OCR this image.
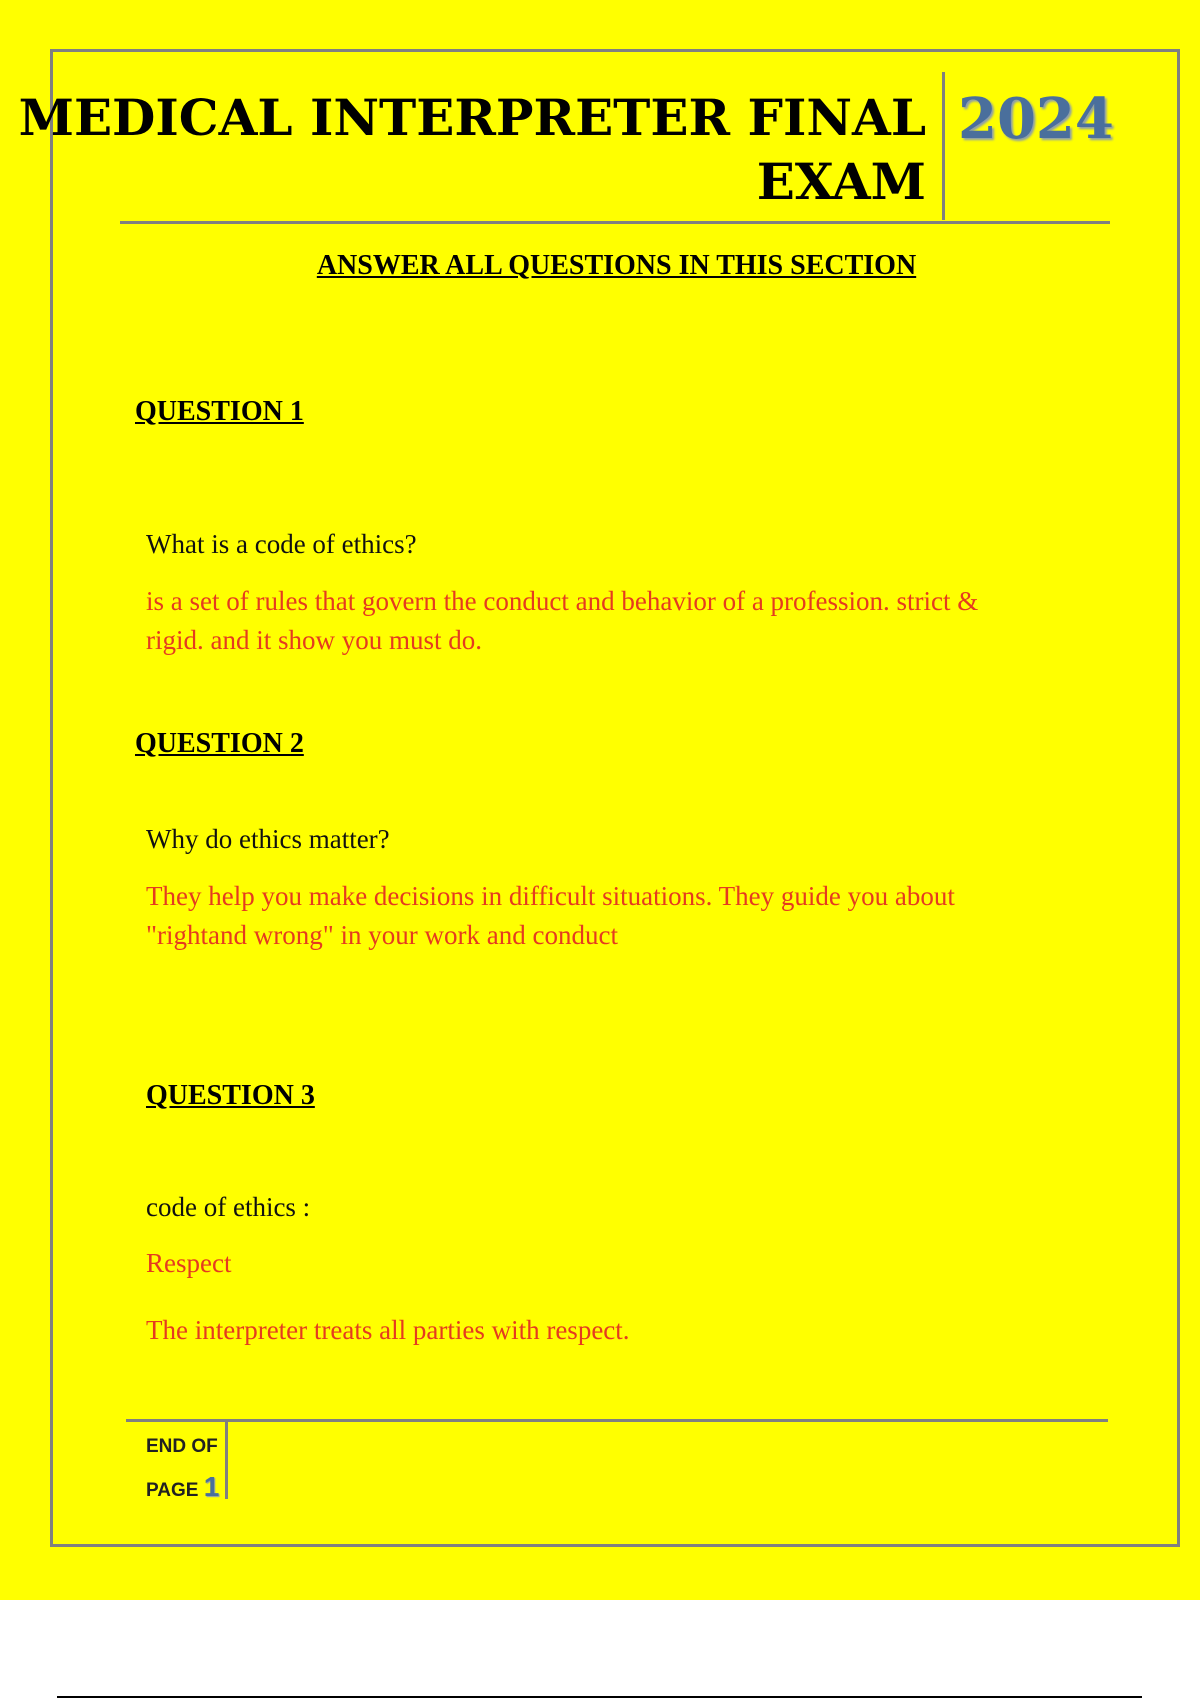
MEDICAL INTERPRETER FINAL
EXAM
2024
ANSWER ALL QUESTIONS IN THIS SECTION
QUESTION 1
What is a code of ethics?
is a set of rules that govern the conduct and behavior of a profession. strict & rigid. and it show you must do.
QUESTION 2
Why do ethics matter?
They help you make decisions in difficult situations. They guide you about "rightand wrong" in your work and conduct
QUESTION 3
code of ethics :
Respect
The interpreter treats all parties with respect.
END OF
PAGE 1
